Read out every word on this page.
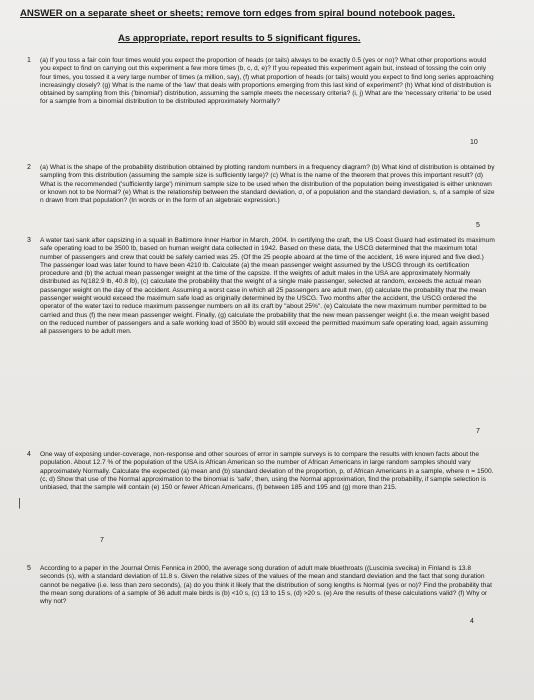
ANSWER on a separate sheet or sheets; remove torn edges from spiral bound notebook pages.
As appropriate, report results to 5 significant figures.
1 (a) If you toss a fair coin four times would you expect the proportion of heads (or tails) always to be exactly 0.5 (yes or no)? What other proportions would you expect to find on carrying out this experiment a few more times (b, c, d, e)? If you repeated this experiment again but, instead of tossing the coin only four times, you tossed it a very large number of times (a million, say), (f) what proportion of heads (or tails) would you expect to find long series approaching increasingly closely? (g) What is the name of the 'law' that deals with proportions emerging from this last kind of experiment? (h) What kind of distribution is obtained by sampling from this ('binomial') distribution, assuming the sample meets the necessary criteria? (i, j) What are the 'necessary criteria' to be used for a sample from a binomial distribution to be distributed approximately Normally?
10
2 (a) What is the shape of the probability distribution obtained by plotting random numbers in a frequency diagram? (b) What kind of distribution is obtained by sampling from this distribution (assuming the sample size is sufficiently large)? (c) What is the name of the theorem that proves this important result? (d) What is the recommended ('sufficiently large') minimum sample size to be used when the distribution of the population being investigated is either unknown or known not to be Normal? (e) What is the relationship between the standard deviation, σ, of a population and the standard deviation, s, of a sample of size n drawn from that population? (In words or in the form of an algebraic expression.)
5
3 A water taxi sank after capsizing in a squall in Baltimore Inner Harbor in March, 2004. In certifying the craft, the US Coast Guard had estimated its maximum safe operating load to be 3500 lb, based on human weight data collected in 1942. Based on these data, the USCG determined that the maximum total number of passengers and crew that could be safely carried was 25. (Of the 25 people aboard at the time of the accident, 16 were injured and five died.) The passenger load was later found to have been 4210 lb. Calculate (a) the mean passenger weight assumed by the USCG through its certification procedure and (b) the actual mean passenger weight at the time of the capsize. If the weights of adult males in the USA are approximately Normally distributed as N(182.9 lb, 40.8 lb), (c) calculate the probability that the weight of a single male passenger, selected at random, exceeds the actual mean passenger weight on the day of the accident. Assuming a worst case in which all 25 passengers are adult men, (d) calculate the probability that the mean passenger weight would exceed the maximum safe load as originally determined by the USCG. Two months after the accident, the USCG ordered the operator of the water taxi to reduce maximum passenger numbers on all its craft by "about 25%". (e) Calculate the new maximum number permitted to be carried and thus (f) the new mean passenger weight. Finally, (g) calculate the probability that the new mean passenger weight (i.e. the mean weight based on the reduced number of passengers and a safe working load of 3500 lb) would still exceed the permitted maximum safe operating load, again assuming all passengers to be adult men.
7
4 One way of exposing under-coverage, non-response and other sources of error in sample surveys is to compare the results with known facts about the population. About 12.7 % of the population of the USA is African American so the number of African Americans in large random samples should vary approximately Normally. Calculate the expected (a) mean and (b) standard deviation of the proportion, p, of African Americans in a sample, where n = 1500. (c, d) Show that use of the Normal approximation to the binomial is 'safe', then, using the Normal approximation, find the probability, if sample selection is unbiased, that the sample will contain (e) 150 or fewer African Americans, (f) between 185 and 195 and (g) more than 215.
7
|
5 According to a paper in the Journal Ornis Fennica in 2000, the average song duration of adult male bluethroats ((Luscinia svecika) in Finland is 13.8 seconds (s), with a standard deviation of 11.8 s. Given the relative sizes of the values of the mean and standard deviation and the fact that song duration cannot be negative (i.e. less than zero seconds), (a) do you think it likely that the distribution of song lengths is Normal (yes or no)? Find the probability that the mean song durations of a sample of 36 adult male birds is (b) <10 s, (c) 13 to 15 s, (d) >20 s. (e) Are the results of these calculations valid? (f) Why or why not?
4
